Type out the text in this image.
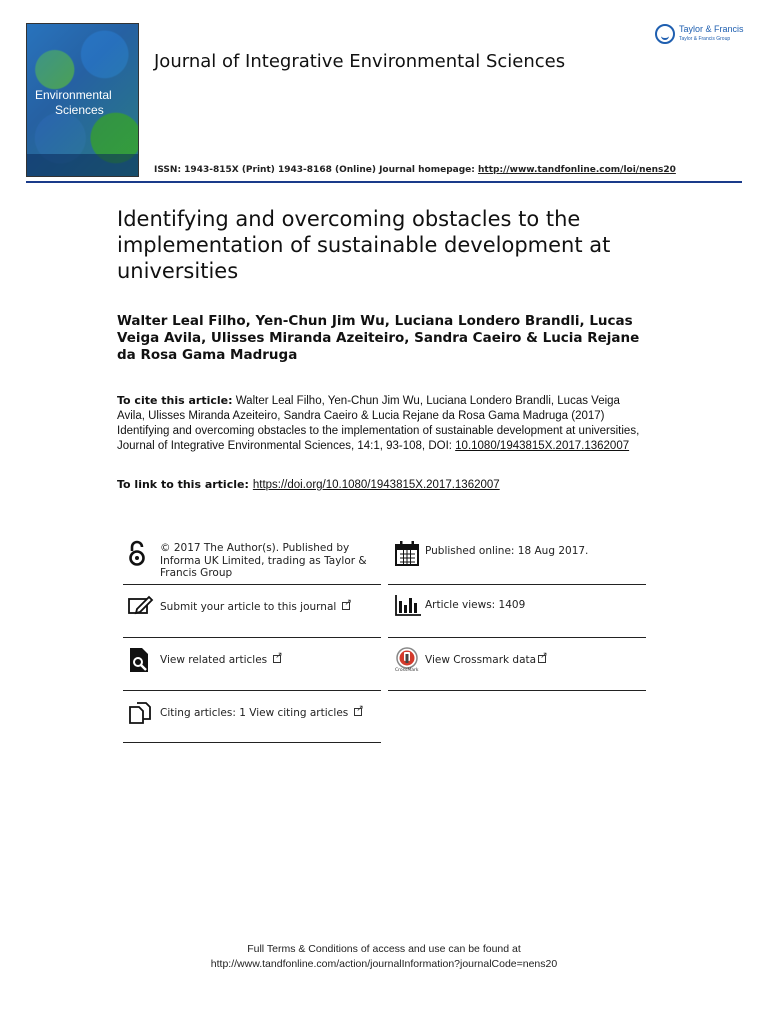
Environmental
Sciences
Journal of Integrative Environmental Sciences
ISSN: 1943-815X (Print) 1943-8168 (Online) Journal homepage: http://www.tandfonline.com/loi/nens20
Taylor & Francis
Taylor & Francis Group
Identifying and overcoming obstacles to the implementation of sustainable development at universities
Walter Leal Filho, Yen-Chun Jim Wu, Luciana Londero Brandli, Lucas Veiga Avila, Ulisses Miranda Azeiteiro, Sandra Caeiro & Lucia Rejane da Rosa Gama Madruga
To cite this article: Walter Leal Filho, Yen-Chun Jim Wu, Luciana Londero Brandli, Lucas Veiga Avila, Ulisses Miranda Azeiteiro, Sandra Caeiro & Lucia Rejane da Rosa Gama Madruga (2017) Identifying and overcoming obstacles to the implementation of sustainable development at universities, Journal of Integrative Environmental Sciences, 14:1, 93-108, DOI: 10.1080/1943815X.2017.1362007
To link to this article: https://doi.org/10.1080/1943815X.2017.1362007
© 2017 The Author(s). Published by Informa UK Limited, trading as Taylor & Francis Group
Submit your article to this journal↗
View related articles↗
Citing articles: 1 View citing articles↗
Published online: 18 Aug 2017.
Article views: 1409
CrossMark
View Crossmark data↗
Full Terms & Conditions of access and use can be found at
http://www.tandfonline.com/action/journalInformation?journalCode=nens20
